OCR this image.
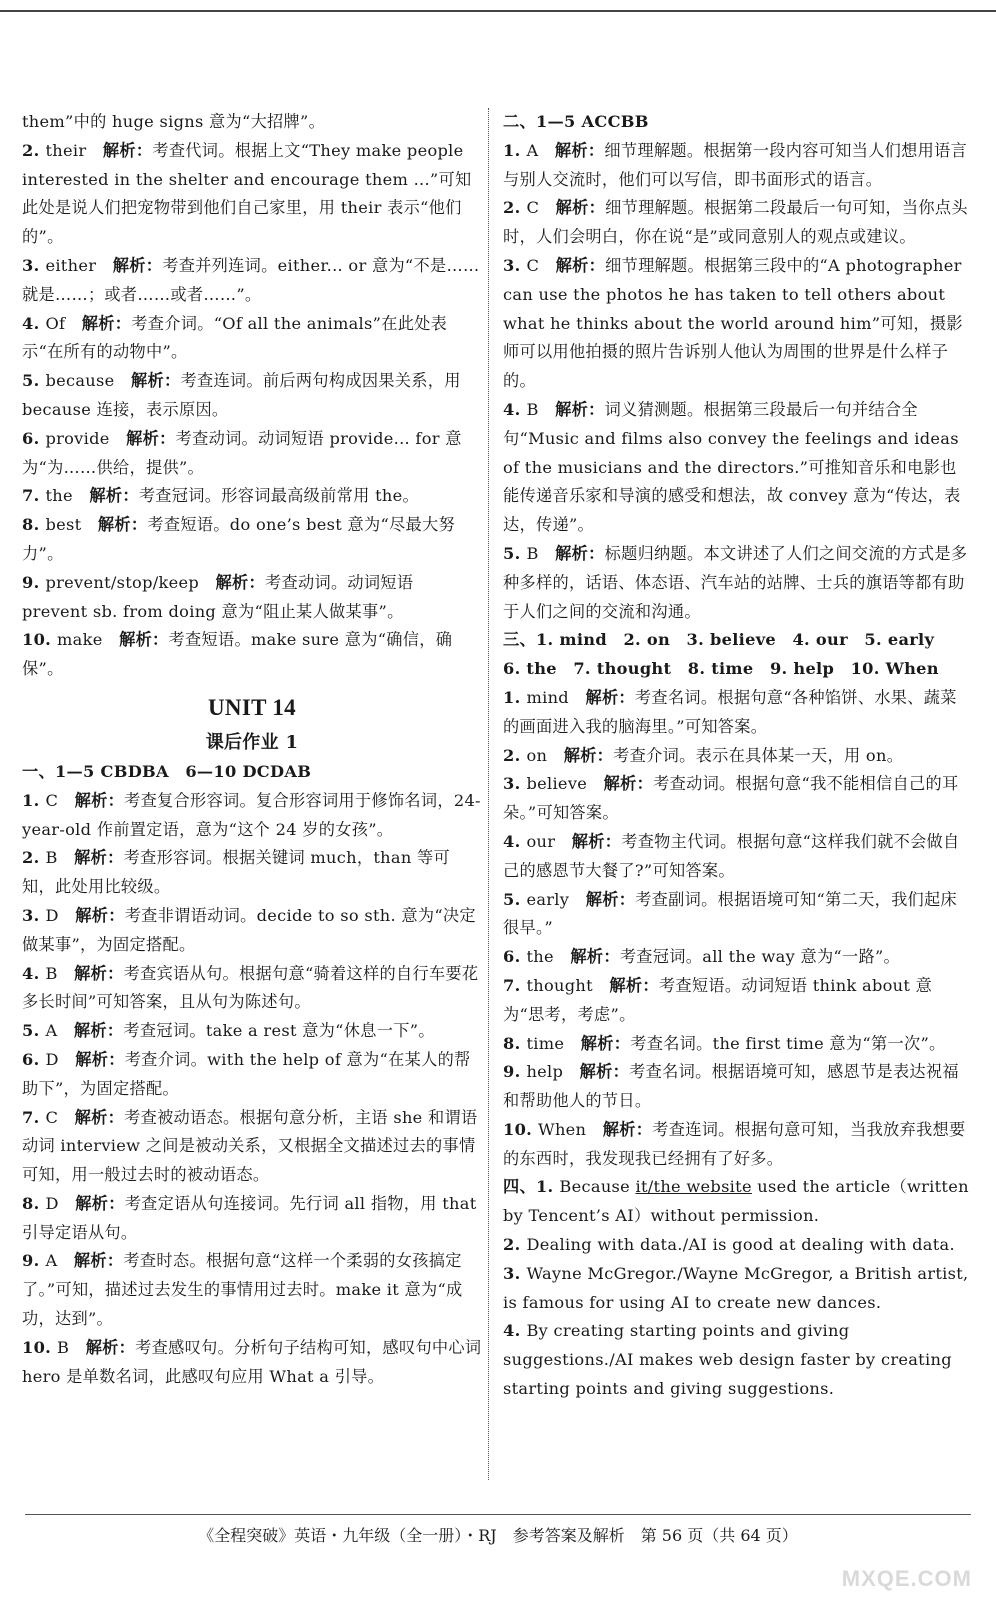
them”中的 huge signs 意为“大招牌”。

2. their　解析：考查代词。根据上文“They make people interested in the shelter and encourage them ...”可知此处是说人们把宠物带到他们自己家里，用 their 表示“他们的”。

3. either　解析：考查并列连词。either... or 意为“不是……就是……；或者……或者……”。

4. Of　解析：考查介词。“Of all the animals”在此处表示“在所有的动物中”。

5. because　解析：考查连词。前后两句构成因果关系，用 because 连接，表示原因。

6. provide　解析：考查动词。动词短语 provide... for 意为“为……供给，提供”。

7. the　解析：考查冠词。形容词最高级前常用 the。

8. best　解析：考查短语。do one’s best 意为“尽最大努力”。

9. prevent/stop/keep　解析：考查动词。动词短语 prevent sb. from doing 意为“阻止某人做某事”。

10. make　解析：考查短语。make sure 意为“确信，确保”。

UNIT 14
课后作业 1

一、1—5 CBDBA　6—10 DCDAB

1. C　解析：考查复合形容词。复合形容词用于修饰名词，24-year-old 作前置定语，意为“这个 24 岁的女孩”。

2. B　解析：考查形容词。根据关键词 much，than 等可知，此处用比较级。

3. D　解析：考查非谓语动词。decide to so sth. 意为“决定做某事”，为固定搭配。

4. B　解析：考查宾语从句。根据句意“骑着这样的自行车要花多长时间”可知答案，且从句为陈述句。

5. A　解析：考查冠词。take a rest 意为“休息一下”。

6. D　解析：考查介词。with the help of 意为“在某人的帮助下”，为固定搭配。

7. C　解析：考查被动语态。根据句意分析，主语 she 和谓语动词 interview 之间是被动关系，又根据全文描述过去的事情可知，用一般过去时的被动语态。

8. D　解析：考查定语从句连接词。先行词 all 指物，用 that 引导定语从句。

9. A　解析：考查时态。根据句意“这样一个柔弱的女孩搞定了。”可知，描述过去发生的事情用过去时。make it 意为“成功，达到”。

10. B　解析：考查感叹句。分析句子结构可知，感叹句中心词 hero 是单数名词，此感叹句应用 What a 引导。

二、1—5 ACCBB

1. A　解析：细节理解题。根据第一段内容可知当人们想用语言与别人交流时，他们可以写信，即书面形式的语言。

2. C　解析：细节理解题。根据第二段最后一句可知，当你点头时，人们会明白，你在说“是”或同意别人的观点或建议。

3. C　解析：细节理解题。根据第三段中的“A photographer can use the photos he has taken to tell others about what he thinks about the world around him”可知，摄影师可以用他拍摄的照片告诉别人他认为周围的世界是什么样子的。

4. B　解析：词义猜测题。根据第三段最后一句并结合全句“Music and films also convey the feelings and ideas of the musicians and the directors.”可推知音乐和电影也能传递音乐家和导演的感受和想法，故 convey 意为“传达，表达，传递”。

5. B　解析：标题归纳题。本文讲述了人们之间交流的方式是多种多样的，话语、体态语、汽车站的站牌、士兵的旗语等都有助于人们之间的交流和沟通。

三、1. mind　2. on　3. believe　4. our　5. early

6. the　7. thought　8. time　9. help　10. When

1. mind　解析：考查名词。根据句意“各种馅饼、水果、蔬菜的画面进入我的脑海里。”可知答案。

2. on　解析：考查介词。表示在具体某一天，用 on。

3. believe　解析：考查动词。根据句意“我不能相信自己的耳朵。”可知答案。

4. our　解析：考查物主代词。根据句意“这样我们就不会做自己的感恩节大餐了?”可知答案。

5. early　解析：考查副词。根据语境可知“第二天，我们起床很早。”

6. the　解析：考查冠词。all the way 意为“一路”。

7. thought　解析：考查短语。动词短语 think about 意为“思考，考虑”。

8. time　解析：考查名词。the first time 意为“第一次”。

9. help　解析：考查名词。根据语境可知，感恩节是表达祝福和帮助他人的节日。

10. When　解析：考查连词。根据句意可知，当我放弃我想要的东西时，我发现我已经拥有了好多。

四、1. Because it/the website used the article（written by Tencent’s AI）without permission.

2. Dealing with data./AI is good at dealing with data.

3. Wayne McGregor./Wayne McGregor, a British artist, is famous for using AI to create new dances.

4. By creating starting points and giving suggestions./AI makes web design faster by creating starting points and giving suggestions.

《全程突破》英语・九年级（全一册）・RJ　参考答案及解析　第 56 页（共 64 页）
MXQE.COM
